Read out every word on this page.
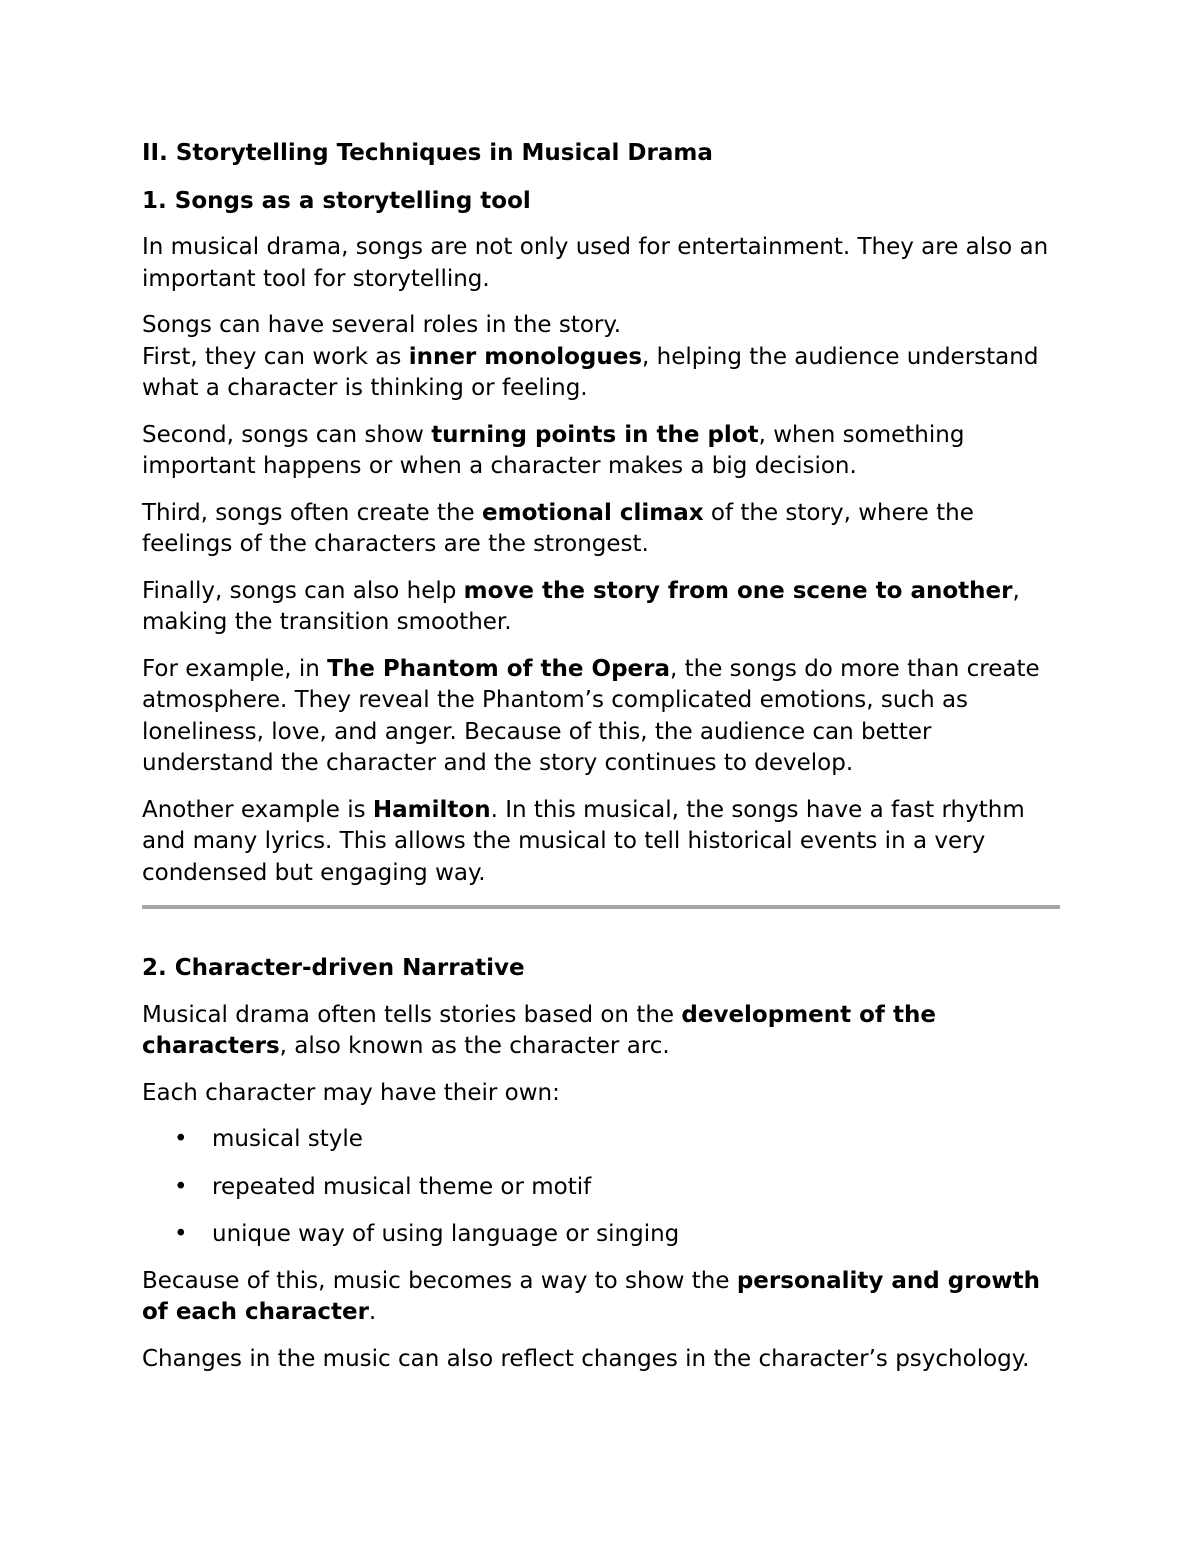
II. Storytelling Techniques in Musical Drama
1. Songs as a storytelling tool

In musical drama, songs are not only used for entertainment. They are also an important tool for storytelling.

Songs can have several roles in the story.

First, they can work as inner monologues, helping the audience understand what a character is thinking or feeling.

Second, songs can show turning points in the plot, when something important happens or when a character makes a big decision.

Third, songs often create the emotional climax of the story, where the feelings of the characters are the strongest.

Finally, songs can also help move the story from one scene to another, making the transition smoother.

For example, in The Phantom of the Opera, the songs do more than create atmosphere. They reveal the Phantom’s complicated emotions, such as loneliness, love, and anger. Because of this, the audience can better understand the character and the story continues to develop.

Another example is Hamilton. In this musical, the songs have a fast rhythm and many lyrics. This allows the musical to tell historical events in a very condensed but engaging way.

2. Character-driven Narrative

Musical drama often tells stories based on the development of the characters, also known as the character arc.

Each character may have their own:

• musical style
• repeated musical theme or motif
• unique way of using language or singing

Because of this, music becomes a way to show the personality and growth of each character.

Changes in the music can also reflect changes in the character’s psychology.
